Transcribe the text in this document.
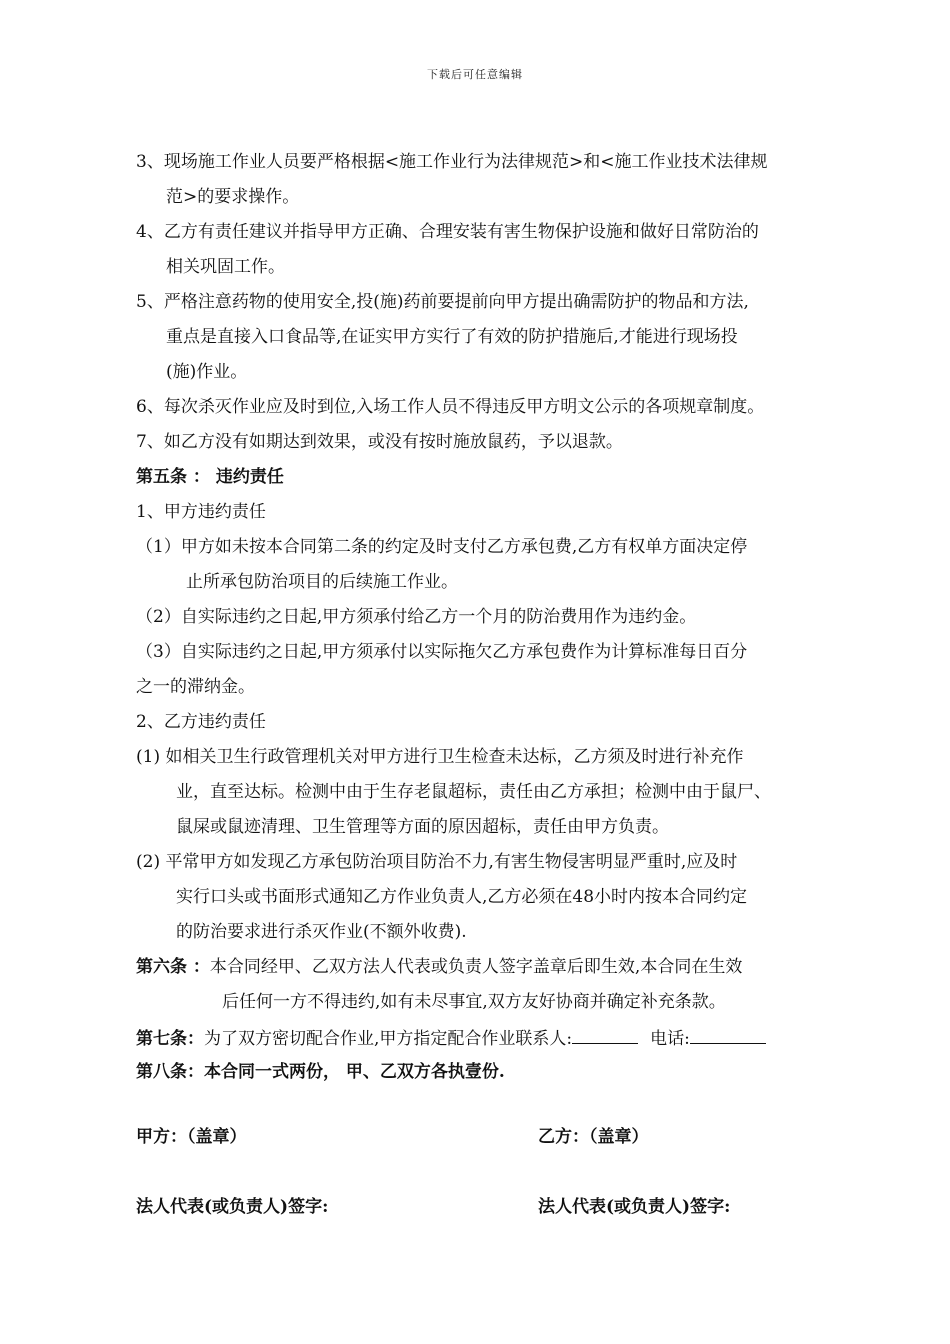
下载后可任意编辑
3、现场施工作业人员要严格根据<施工作业行为法律规范>和<施工作业技术法律规
范>的要求操作。
4、乙方有责任建议并指导甲方正确、合理安装有害生物保护设施和做好日常防治的
相关巩固工作。
5、严格注意药物的使用安全,投(施)药前要提前向甲方提出确需防护的物品和方法,
重点是直接入口食品等,在证实甲方实行了有效的防护措施后,才能进行现场投
(施)作业。
6、每次杀灭作业应及时到位,入场工作人员不得违反甲方明文公示的各项规章制度。
7、如乙方没有如期达到效果，或没有按时施放鼠药，予以退款。
第五条 ： 违约责任
1、甲方违约责任
（1）甲方如未按本合同第二条的约定及时支付乙方承包费,乙方有权单方面决定停
止所承包防治项目的后续施工作业。
（2）自实际违约之日起,甲方须承付给乙方一个月的防治费用作为违约金。
（3）自实际违约之日起,甲方须承付以实际拖欠乙方承包费作为计算标准每日百分
之一的滞纳金。
2、乙方违约责任
(1) 如相关卫生行政管理机关对甲方进行卫生检查未达标，乙方须及时进行补充作
业，直至达标。检测中由于生存老鼠超标，责任由乙方承担；检测中由于鼠尸、
鼠屎或鼠迹清理、卫生管理等方面的原因超标，责任由甲方负责。
(2) 平常甲方如发现乙方承包防治项目防治不力,有害生物侵害明显严重时,应及时
实行口头或书面形式通知乙方作业负责人,乙方必须在48小时内按本合同约定
的防治要求进行杀灭作业(不额外收费).
第六条 ：本合同经甲、乙双方法人代表或负责人签字盖章后即生效,本合同在生效
后任何一方不得违约,如有未尽事宜,双方友好协商并确定补充条款。
第七条：为了双方密切配合作业,甲方指定配合作业联系人:	电话:
第八条：本合同一式两份， 甲、乙双方各执壹份.
甲方：（盖章）	乙方：（盖章）
法人代表(或负责人)签字:	法人代表(或负责人)签字:
